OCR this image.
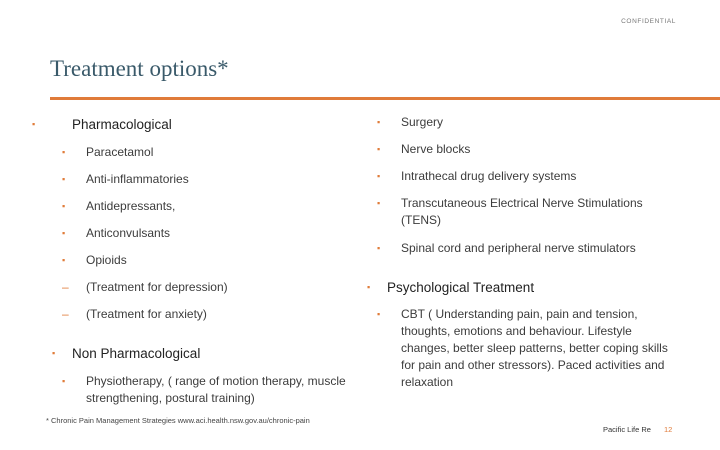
CONFIDENTIAL
Treatment options*
▪	Pharmacological
▪ Paracetamol
▪ Anti-inflammatories
▪ Antidepressants,
▪ Anticonvulsants
▪ Opioids
– (Treatment for depression)
– (Treatment for anxiety)
▪ Non Pharmacological
▪ Physiotherapy, ( range of motion therapy, muscle strengthening, postural training)
▪ Surgery
▪ Nerve blocks
▪ Intrathecal drug delivery systems
▪ Transcutaneous Electrical Nerve Stimulations (TENS)
▪ Spinal cord and peripheral nerve stimulators
▪ Psychological Treatment
▪ CBT ( Understanding pain, pain and tension, thoughts, emotions and behaviour. Lifestyle changes, better sleep patterns, better coping skills for pain and other stressors). Paced activities and relaxation
* Chronic Pain Management Strategies www.aci.health.nsw.gov.au/chronic-pain
Pacific Life Re 12
